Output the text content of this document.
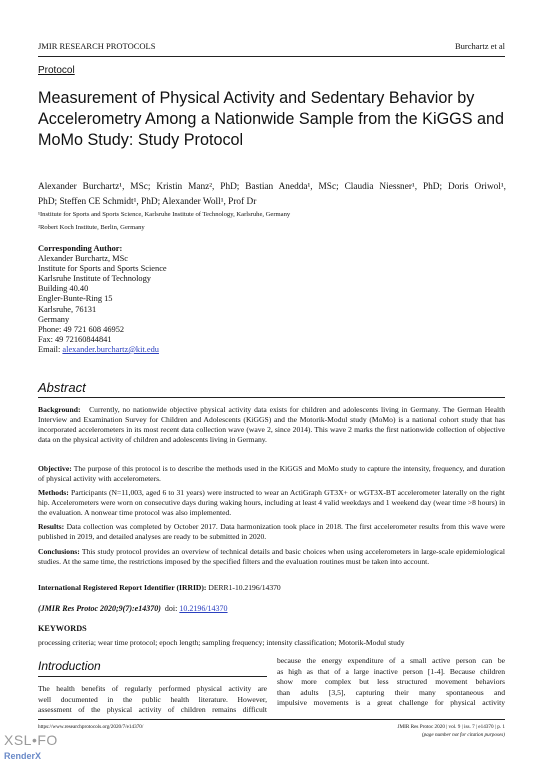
JMIR RESEARCH PROTOCOLS	Burchartz et al
Protocol
Measurement of Physical Activity and Sedentary Behavior by Accelerometry Among a Nationwide Sample from the KiGGS and MoMo Study: Study Protocol
Alexander Burchartz¹, MSc; Kristin Manz², PhD; Bastian Anedda¹, MSc; Claudia Niessner¹, PhD; Doris Oriwol¹,
PhD; Steffen CE Schmidt¹, PhD; Alexander Woll¹, Prof Dr
¹Institute for Sports and Sports Science, Karlsruhe Institute of Technology, Karlsruhe, Germany
²Robert Koch Institute, Berlin, Germany
Corresponding Author:
Alexander Burchartz, MSc
Institute for Sports and Sports Science
Karlsruhe Institute of Technology
Building 40.40
Engler-Bunte-Ring 15
Karlsruhe, 76131
Germany
Phone: 49 721 608 46952
Fax: 49 72160844841
Email: alexander.burchartz@kit.edu
Abstract
Background: Currently, no nationwide objective physical activity data exists for children and adolescents living in Germany. The German Health Interview and Examination Survey for Children and Adolescents (KiGGS) and the Motorik-Modul study (MoMo) is a national cohort study that has incorporated accelerometers in its most recent data collection wave (wave 2, since 2014). This wave 2 marks the first nationwide collection of objective data on the physical activity of children and adolescents living in Germany.
Objective: The purpose of this protocol is to describe the methods used in the KiGGS and MoMo study to capture the intensity, frequency, and duration of physical activity with accelerometers.
Methods: Participants (N=11,003, aged 6 to 31 years) were instructed to wear an ActiGraph GT3X+ or wGT3X-BT accelerometer laterally on the right hip. Accelerometers were worn on consecutive days during waking hours, including at least 4 valid weekdays and 1 weekend day (wear time >8 hours) in the evaluation. A nonwear time protocol was also implemented.
Results: Data collection was completed by October 2017. Data harmonization took place in 2018. The first accelerometer results from this wave were published in 2019, and detailed analyses are ready to be submitted in 2020.
Conclusions: This study protocol provides an overview of technical details and basic choices when using accelerometers in large-scale epidemiological studies. At the same time, the restrictions imposed by the specified filters and the evaluation routines must be taken into account.
International Registered Report Identifier (IRRID): DERR1-10.2196/14370
(JMIR Res Protoc 2020;9(7):e14370) doi: 10.2196/14370
KEYWORDS
processing criteria; wear time protocol; epoch length; sampling frequency; intensity classification; Motorik-Modul study
Introduction
The health benefits of regularly performed physical activity are
well documented in the public health literature. However,
assessment of the physical activity of children remains difficult
because the energy expenditure of a small active person can be
as high as that of a large inactive person [1-4]. Because children
show more complex but less structured movement behaviors
than adults [3,5], capturing their many spontaneous and
impulsive movements is a great challenge for physical activity
https://www.researchprotocols.org/2020/7/e14370/	JMIR Res Protoc 2020 | vol. 9 | iss. 7 | e14370 | p. 1
(page number not for citation purposes)
XSL•FO
RenderX
